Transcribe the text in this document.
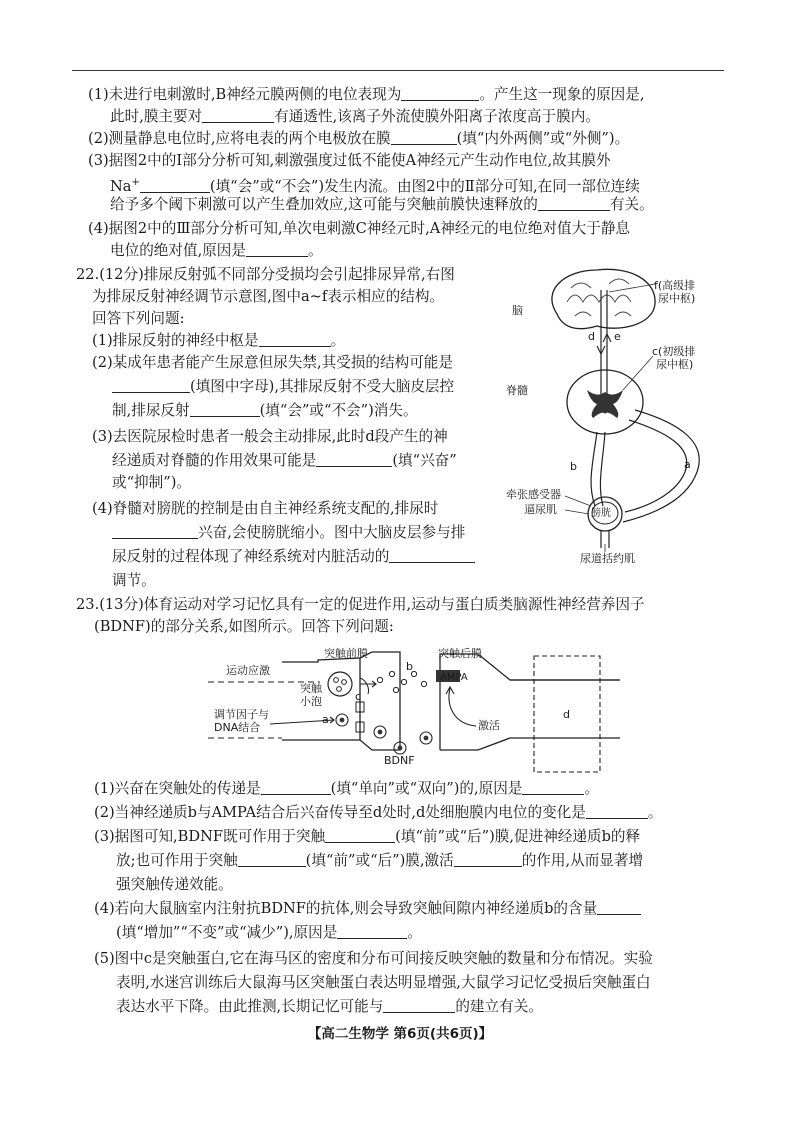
(1)未进行电刺激时,B神经元膜两侧的电位表现为	。产生这一现象的原因是,
此时,膜主要对	有通透性,该离子外流使膜外阳离子浓度高于膜内。
(2)测量静息电位时,应将电表的两个电极放在膜	(填“内外两侧”或“外侧”)。
(3)据图2中的Ⅰ部分分析可知,刺激强度过低不能使A神经元产生动作电位,故其膜外
Na+	(填“会”或“不会”)发生内流。由图2中的Ⅱ部分可知,在同一部位连续
给予多个阈下刺激可以产生叠加效应,这可能与突触前膜快速释放的	有关。
(4)据图2中的Ⅲ部分分析可知,单次电刺激C神经元时,A神经元的电位绝对值大于静息
电位的绝对值,原因是	。
22.(12分)排尿反射弧不同部分受损均会引起排尿异常,右图
为排尿反射神经调节示意图,图中a~f表示相应的结构。
回答下列问题:
(1)排尿反射的神经中枢是	。
(2)某成年患者能产生尿意但尿失禁,其受损的结构可能是
(填图中字母),其排尿反射不受大脑皮层控
制,排尿反射	(填“会”或“不会”)消失。
(3)去医院尿检时患者一般会主动排尿,此时d段产生的神
经递质对脊髓的作用效果可能是	(填“兴奋”
或“抑制”)。
(4)脊髓对膀胱的控制是由自主神经系统支配的,排尿时
兴奋,会使膀胱缩小。图中大脑皮层参与排
尿反射的过程体现了神经系统对内脏活动的
调节。
脑
f(高级排
尿中枢)
d e
c(初级排
尿中枢)
脊髓
b	a
牵张感受器
逼尿肌	膀胱
尿道括约肌
23.(13分)体育运动对学习记忆具有一定的促进作用,运动与蛋白质类脑源性神经营养因子
(BDNF)的部分关系,如图所示。回答下列问题:
运动应激
突触前膜	突触后膜
突触
小泡
b
c
AMPA
调节因子与
DNA结合
a	激活
d
BDNF
(1)兴奋在突触处的传递是	(填“单向”或“双向”)的,原因是	。
(2)当神经递质b与AMPA结合后兴奋传导至d处时,d处细胞膜内电位的变化是	。
(3)据图可知,BDNF既可作用于突触	(填“前”或“后”)膜,促进神经递质b的释
放;也可作用于突触	(填“前”或“后”)膜,激活	的作用,从而显著增
强突触传递效能。
(4)若向大鼠脑室内注射抗BDNF的抗体,则会导致突触间隙内神经递质b的含量
(填“增加”“不变”或“减少”),原因是	。
(5)图中c是突触蛋白,它在海马区的密度和分布可间接反映突触的数量和分布情况。实验
表明,水迷宫训练后大鼠海马区突触蛋白表达明显增强,大鼠学习记忆受损后突触蛋白
表达水平下降。由此推测,长期记忆可能与	的建立有关。
【高二生物学 第6页(共6页)】
